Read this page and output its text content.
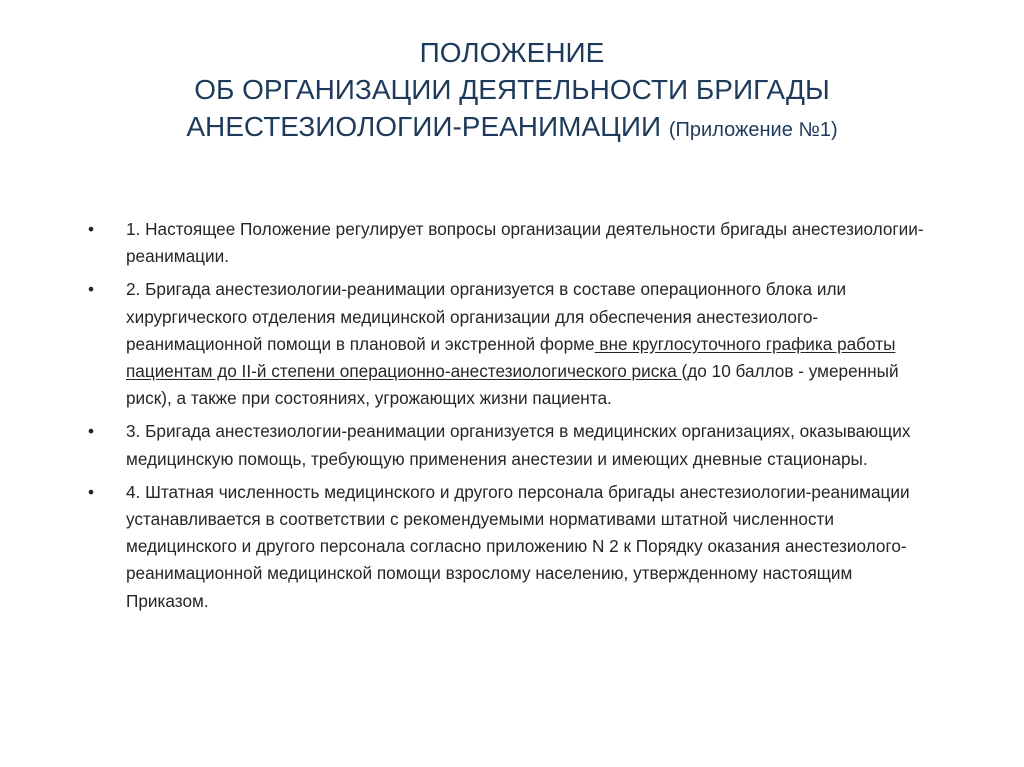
ПОЛОЖЕНИЕ
ОБ ОРГАНИЗАЦИИ ДЕЯТЕЛЬНОСТИ БРИГАДЫ
АНЕСТЕЗИОЛОГИИ-РЕАНИМАЦИИ (Приложение №1)
•	1. Настоящее Положение регулирует вопросы организации деятельности бригады анестезиологии-реанимации.
•	2. Бригада анестезиологии-реанимации организуется в составе операционного блока или хирургического отделения медицинской организации для обеспечения анестезиолого-реанимационной помощи в плановой и экстренной форме вне круглосуточного графика работы пациентам до II-й степени операционно-анестезиологического риска (до 10 баллов - умеренный риск), а также при состояниях, угрожающих жизни пациента.
•	3. Бригада анестезиологии-реанимации организуется в медицинских организациях, оказывающих медицинскую помощь, требующую применения анестезии и имеющих дневные стационары.
•	4. Штатная численность медицинского и другого персонала бригады анестезиологии-реанимации устанавливается в соответствии с рекомендуемыми нормативами штатной численности медицинского и другого персонала согласно приложению N 2 к Порядку оказания анестезиолого-реанимационной медицинской помощи взрослому населению, утвержденному настоящим Приказом.
